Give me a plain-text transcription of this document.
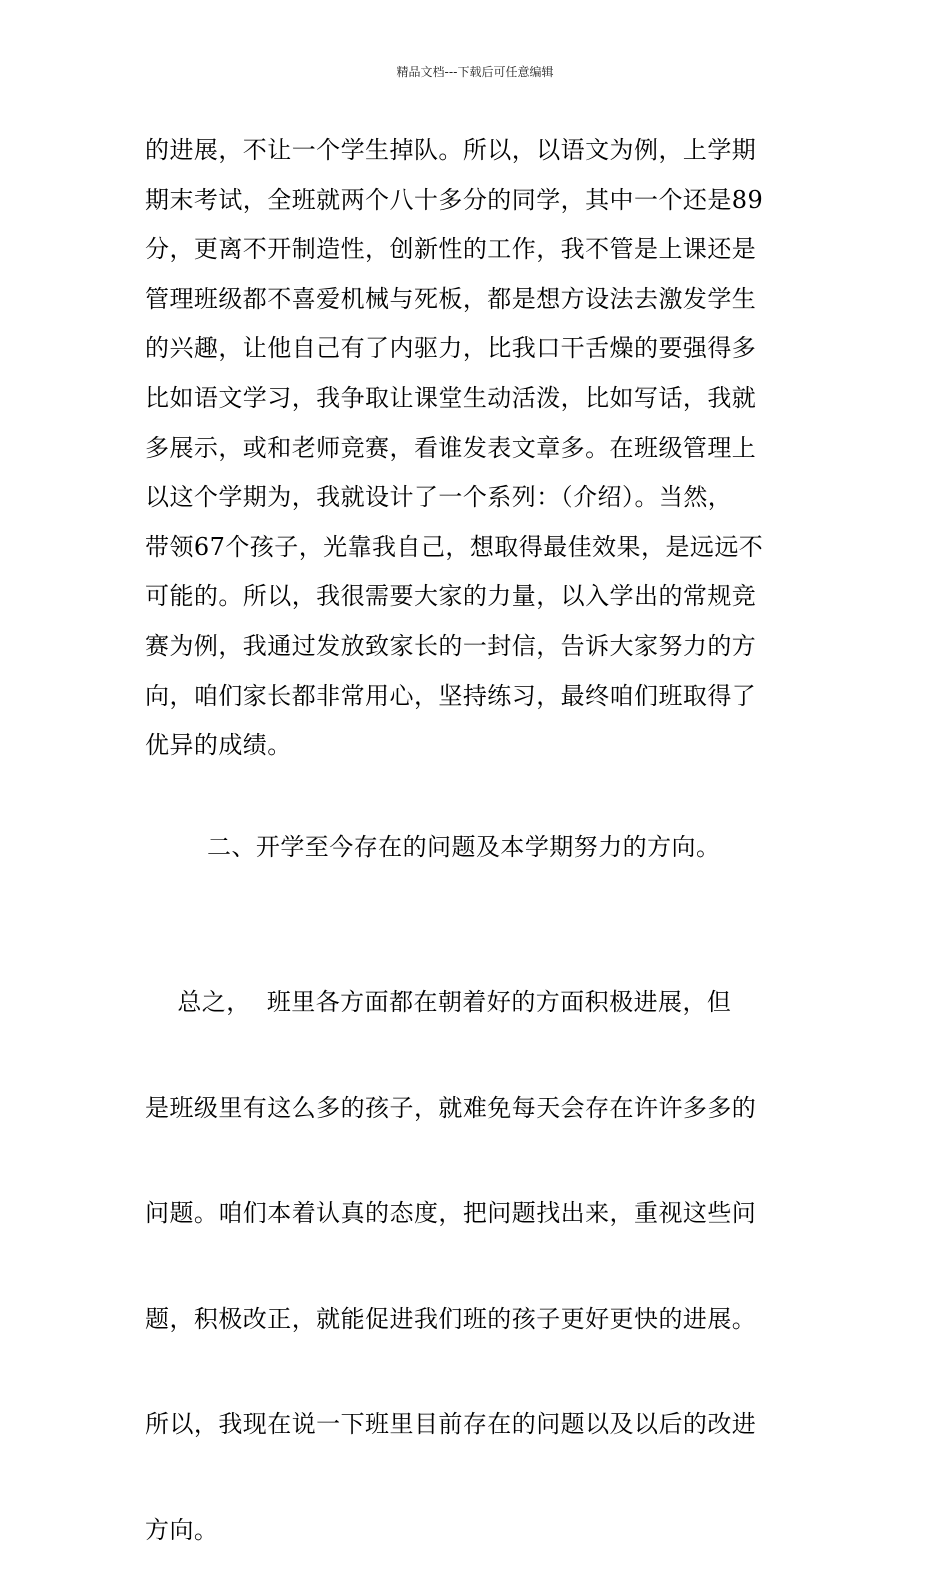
精品文档---下载后可任意编辑
的进展，不让一个学生掉队。所以，以语文为例，上学期
期末考试，全班就两个八十多分的同学，其中一个还是89
分，更离不开制造性，创新性的工作，我不管是上课还是
管理班级都不喜爱机械与死板，都是想方设法去激发学生
的兴趣，让他自己有了内驱力，比我口干舌燥的要强得多
比如语文学习，我争取让课堂生动活泼，比如写话，我就
多展示，或和老师竞赛，看谁发表文章多。在班级管理上
以这个学期为，我就设计了一个系列：（介绍）。当然，
带领67个孩子，光靠我自己，想取得最佳效果，是远远不
可能的。所以，我很需要大家的力量，以入学出的常规竞
赛为例，我通过发放致家长的一封信，告诉大家努力的方
向，咱们家长都非常用心，坚持练习，最终咱们班取得了
优异的成绩。
二、开学至今存在的问题及本学期努力的方向。

总之，  班里各方面都在朝着好的方面积极进展，但

是班级里有这么多的孩子，就难免每天会存在许许多多的

问题。咱们本着认真的态度，把问题找出来，重视这些问

题，积极改正，就能促进我们班的孩子更好更快的进展。

所以，我现在说一下班里目前存在的问题以及以后的改进

方向。
